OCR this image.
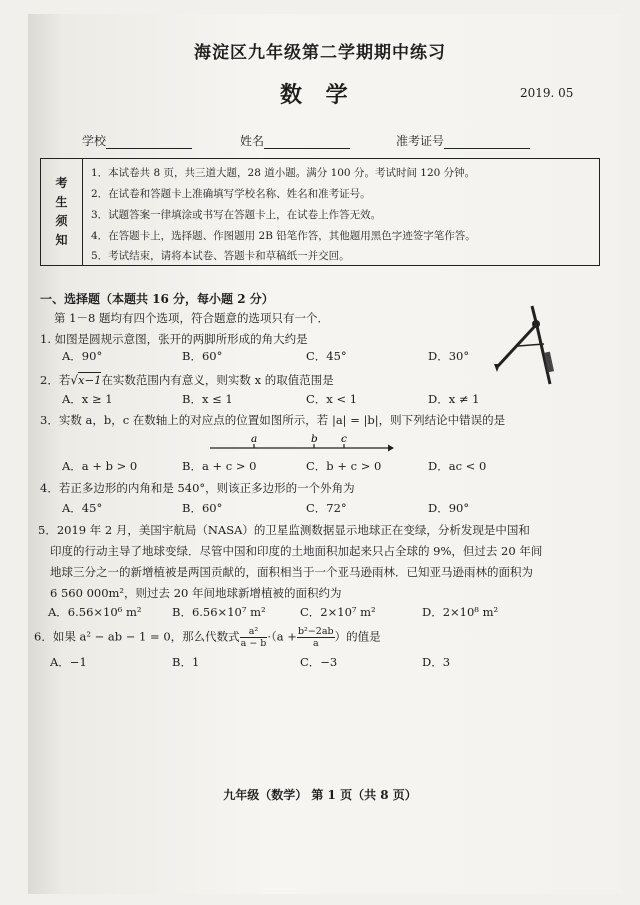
海淀区九年级第二学期期中练习
数 学	2019. 05
学校	姓名	准考证号
考
生
须
知
1．本试卷共 8 页，共三道大题，28 道小题。满分 100 分。考试时间 120 分钟。
2．在试卷和答题卡上准确填写学校名称、姓名和准考证号。
3．试题答案一律填涂或书写在答题卡上，在试卷上作答无效。
4．在答题卡上，选择题、作图题用 2B 铅笔作答，其他题用黑色字迹签字笔作答。
5．考试结束，请将本试卷、答题卡和草稿纸一并交回。
一、选择题（本题共 16 分，每小题 2 分）
第 1－8 题均有四个选项，符合题意的选项只有一个．
1. 如图是圆规示意图，张开的两脚所形成的角大约是
A．90°	B．60°	C．45°	D．30°
2．若√x−1在实数范围内有意义，则实数 x 的取值范围是
A．x ≥ 1	B．x ≤ 1	C．x < 1	D．x ≠ 1
3．实数 a，b，c 在数轴上的对应点的位置如图所示，若 |a| = |b|，则下列结论中错误的是
a	b c
A．a + b > 0	B．a + c > 0	C．b + c > 0	D．ac < 0
4．若正多边形的内角和是 540°，则该正多边形的一个外角为
A．45°	B．60°	C．72°	D．90°
5．2019 年 2 月，美国宇航局（NASA）的卫星监测数据显示地球正在变绿，分析发现是中国和
印度的行动主导了地球变绿．尽管中国和印度的土地面积加起来只占全球的 9%，但过去 20 年间
地球三分之一的新增植被是两国贡献的，面积相当于一个亚马逊雨林．已知亚马逊雨林的面积为
6 560 000m²，则过去 20 年间地球新增植被的面积约为
A．6.56×10⁶ m²	B．6.56×10⁷ m²	C．2×10⁷ m²	D．2×10⁸ m²
6．如果 a² − ab − 1 = 0，那么代数式 $\frac{\text{a²}}{a - b} \cdot(a + \frac{\text{b²−2ab}}{a}$ ）的值是
A．−1	B．1	C．−3	D．3
九年级（数学） 第 1 页（共 8 页）
